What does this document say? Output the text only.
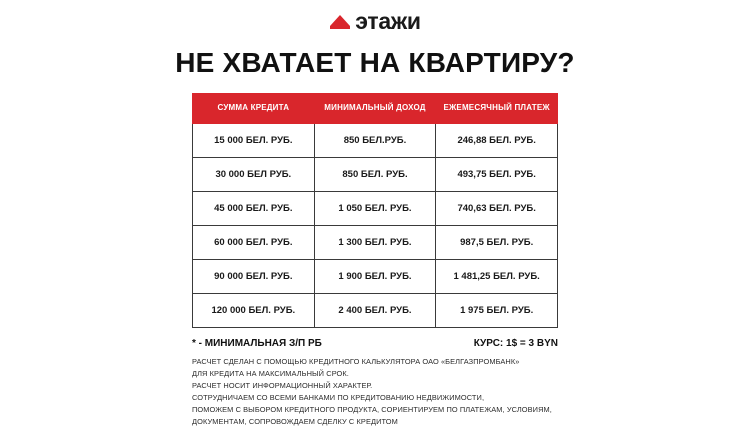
этажи
НЕ ХВАТАЕТ НА КВАРТИРУ?
СУММА КРЕДИТА	МИНИМАЛЬНЫЙ ДОХОД	ЕЖЕМЕСЯЧНЫЙ ПЛАТЕЖ
15 000 БЕЛ. РУБ.	850 БЕЛ.РУБ.	246,88 БЕЛ. РУБ.
30 000 БЕЛ РУБ.	850 БЕЛ. РУБ.	493,75 БЕЛ. РУБ.
45 000 БЕЛ. РУБ.	1 050 БЕЛ. РУБ.	740,63 БЕЛ. РУБ.
60 000 БЕЛ. РУБ.	1 300 БЕЛ. РУБ.	987,5 БЕЛ. РУБ.
90 000 БЕЛ. РУБ.	1 900 БЕЛ. РУБ.	1 481,25 БЕЛ. РУБ.
120 000 БЕЛ. РУБ.	2 400 БЕЛ. РУБ.	1 975 БЕЛ. РУБ.
* - МИНИМАЛЬНАЯ З/П РБ	КУРС: 1$ = 3 BYN
РАСЧЕТ СДЕЛАН С ПОМОЩЬЮ КРЕДИТНОГО КАЛЬКУЛЯТОРА ОАО «БЕЛГАЗПРОМБАНК»
ДЛЯ КРЕДИТА НА МАКСИМАЛЬНЫЙ СРОК.
РАСЧЕТ НОСИТ ИНФОРМАЦИОННЫЙ ХАРАКТЕР.
СОТРУДНИЧАЕМ СО ВСЕМИ БАНКАМИ ПО КРЕДИТОВАНИЮ НЕДВИЖИМОСТИ,
ПОМОЖЕМ С ВЫБОРОМ КРЕДИТНОГО ПРОДУКТА, СОРИЕНТИРУЕМ ПО ПЛАТЕЖАМ, УСЛОВИЯМ,
ДОКУМЕНТАМ, СОПРОВОЖДАЕМ СДЕЛКУ С КРЕДИТОМ
